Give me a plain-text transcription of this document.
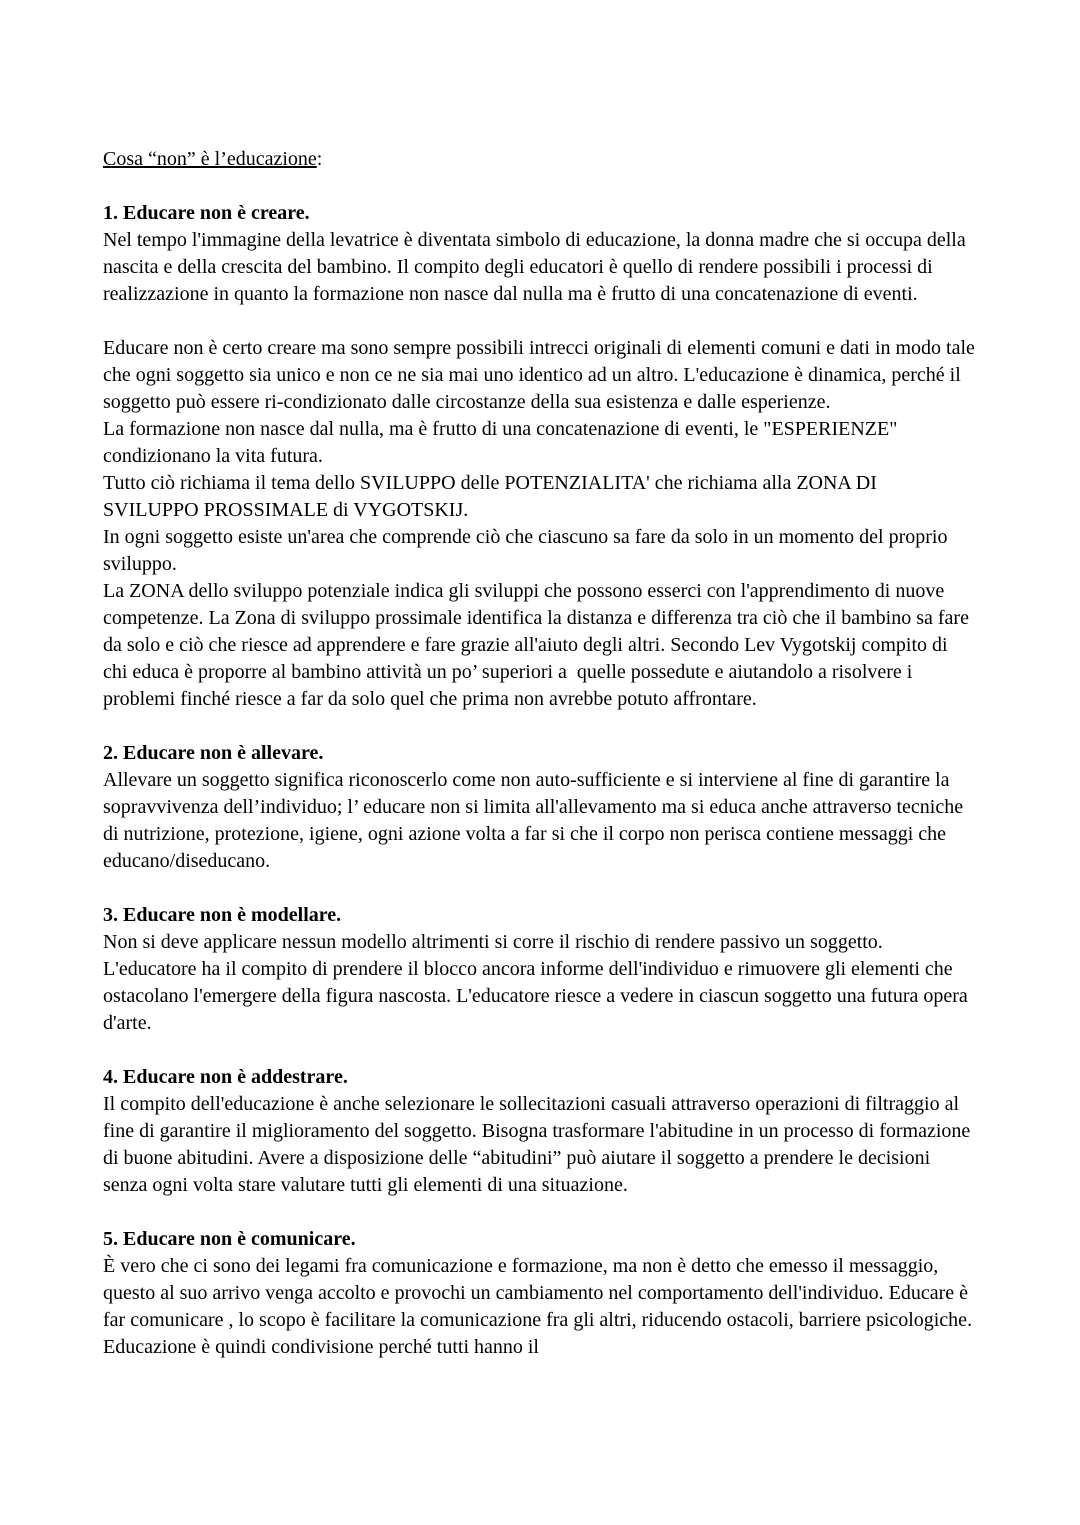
Cosa “non” è l’educazione:

1. Educare non è creare.

Nel tempo l'immagine della levatrice è diventata simbolo di educazione, la donna madre che si occupa della nascita e della crescita del bambino. Il compito degli educatori è quello di rendere possibili i processi di realizzazione in quanto la formazione non nasce dal nulla ma è frutto di una concatenazione di eventi.

Educare non è certo creare ma sono sempre possibili intrecci originali di elementi comuni e dati in modo tale che ogni soggetto sia unico e non ce ne sia mai uno identico ad un altro. L'educazione è dinamica, perché il soggetto può essere ri-condizionato dalle circostanze della sua esistenza e dalle esperienze.

La formazione non nasce dal nulla, ma è frutto di una concatenazione di eventi, le "ESPERIENZE" condizionano la vita futura.

Tutto ciò richiama il tema dello SVILUPPO delle POTENZIALITA' che richiama alla ZONA DI SVILUPPO PROSSIMALE di VYGOTSKIJ.

In ogni soggetto esiste un'area che comprende ciò che ciascuno sa fare da solo in un momento del proprio sviluppo.

La ZONA dello sviluppo potenziale indica gli sviluppi che possono esserci con l'apprendimento di nuove competenze. La Zona di sviluppo prossimale identifica la distanza e differenza tra ciò che il bambino sa fare da solo e ciò che riesce ad apprendere e fare grazie all'aiuto degli altri. Secondo Lev Vygotskij compito di chi educa è proporre al bambino attività un po’ superiori a  quelle possedute e aiutandolo a risolvere i problemi finché riesce a far da solo quel che prima non avrebbe potuto affrontare.

2. Educare non è allevare.

Allevare un soggetto significa riconoscerlo come non auto-sufficiente e si interviene al fine di garantire la sopravvivenza dell’individuo; l’ educare non si limita all'allevamento ma si educa anche attraverso tecniche di nutrizione, protezione, igiene, ogni azione volta a far si che il corpo non perisca contiene messaggi che educano/diseducano.

3. Educare non è modellare.

Non si deve applicare nessun modello altrimenti si corre il rischio di rendere passivo un soggetto. L'educatore ha il compito di prendere il blocco ancora informe dell'individuo e rimuovere gli elementi che ostacolano l'emergere della figura nascosta. L'educatore riesce a vedere in ciascun soggetto una futura opera d'arte.

4. Educare non è addestrare.

Il compito dell'educazione è anche selezionare le sollecitazioni casuali attraverso operazioni di filtraggio al fine di garantire il miglioramento del soggetto. Bisogna trasformare l'abitudine in un processo di formazione di buone abitudini. Avere a disposizione delle “abitudini” può aiutare il soggetto a prendere le decisioni senza ogni volta stare valutare tutti gli elementi di una situazione.

5. Educare non è comunicare.

È vero che ci sono dei legami fra comunicazione e formazione, ma non è detto che emesso il messaggio, questo al suo arrivo venga accolto e provochi un cambiamento nel comportamento dell'individuo. Educare è far comunicare , lo scopo è facilitare la comunicazione fra gli altri, riducendo ostacoli, barriere psicologiche. Educazione è quindi condivisione perché tutti hanno il
